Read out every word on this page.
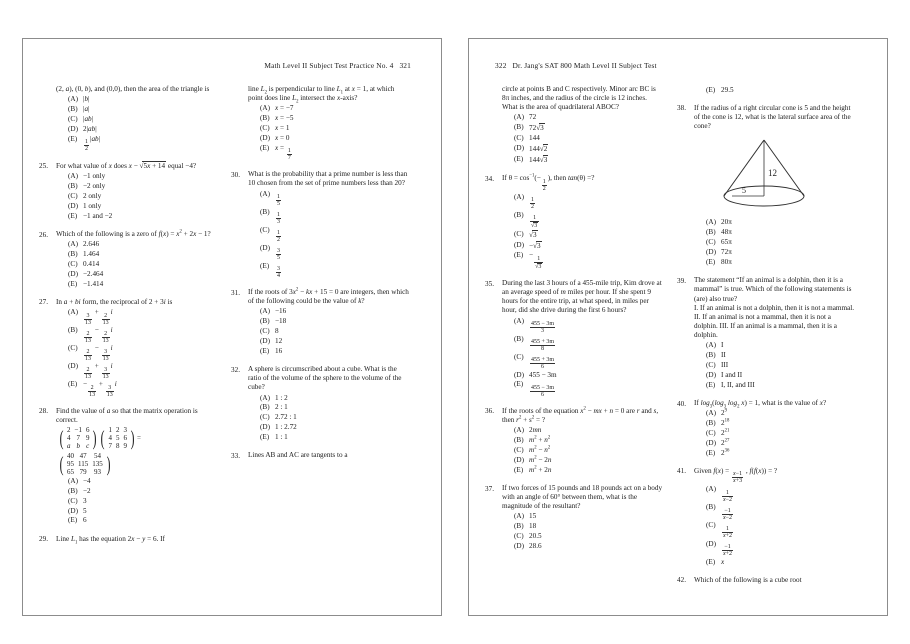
Math Level II Subject Test Practice No. 4 321
(2, a), (0, b), and (0,0), then the area of the triangle is
(A) |b|
(B) |a|
(C) |ab|
(D) 2|ab|
(E)
$\frac{1}{2}$
|ab|
25.	For what value of x does x − √5x + 14 equal −4?
(A) −1 only
(B) −2 only
(C) 2 only
(D) 1 only
(E) −1 and −2
26.	Which of the following is a zero of $f(x) = x^2 + 2x - 1$?
(A) 2.646
(B) 1.464
(C) 0.414
(D) −2.464
(E) −1.414
27.	In a + bi form, the reciprocal of 2 + 3i is
(A)
$\frac{3}{13}$
+
$\frac{2}{13}$
i
(B)
$\frac{2}{13}$
−
$\frac{2}{13}$
i
(C)
$\frac{2}{13}$
−
$\frac{3}{13}$
i
(D)
$\frac{2}{13}$
+
$\frac{3}{13}$
i
(E) −
$\frac{2}{13}$
+
$\frac{3}{13}$
i
28.	Find the value of a so that the matrix operation is correct.
( 2	−1	6
4	7	9
a	b	c ) ( 1	2	3
4	5	6
7	8	9 ) =
( 40	47	54
95	115	135
65	79	93 )
(A) −4
(B) −2
(C) 3
(D) 5
(E) 6
29.	Line $L_1$ has the equation 2x − y = 6. If
line $L_2$ is perpendicular to line $L_1$ at x = 1, at which point does line $L_2$ intersect the x-axis?
(A) x = −7
(B) x = −5
(C) x = 1
(D) x = 0
(E) x =
$\frac{1}{7}$
30.	What is the probability that a prime number is less than 10 chosen from the set of prime numbers less than 20?
(A)
$\frac{1}{5}$
(B)
$\frac{1}{3}$
(C)
$\frac{1}{2}$
(D)
$\frac{3}{5}$
(E)
$\frac{3}{4}$
31.	If the roots of $3x^2$ − kx + 15 = 0 are integers, then which of the following could be the value of k?
(A) −16
(B) −18
(C) 8
(D) 12
(E) 16
32.	A sphere is circumscribed about a cube. What is the ratio of the volume of the sphere to the volume of the cube?
(A) 1 : 2
(B) 2 : 1
(C) 2.72 : 1
(D) 1 : 2.72
(E) 1 : 1
33.	Lines AB and AC are tangents to a
322 Dr. Jang's SAT 800 Math Level II Subject Test
circle at points B and C respectively. Minor arc BC is 8π inches, and the radius of the circle is 12 inches. What is the area of quadrilateral ABOC?
(A) 72
(B) 72√3
(C) 144
(D) 144√2
(E) 144√3
34.	If $\theta = \cos^{-1}(-$
$\frac{1}{2}$
), then tan(θ) =?
(A)
$\frac{1}{2}$
(B)
$\frac{1}{√3}$
(C) √3
(D) −√3
(E) −
$\frac{1}{√3}$
35.	During the last 3 hours of a 455-mile trip, Kim drove at an average speed of m miles per hour. If she spent 9 hours for the entire trip, at what speed, in miles per hour, did she drive during the first 6 hours?
(A)
$\frac{455 - 3m}{3}$
(B)
$\frac{455 + 3m}{8}$
(C)
$\frac{455 + 3m}{6}$
(D) 455 − 3m
(E)
$\frac{455 - 3m}{6}$
36.	If the roots of the equation $x^2$ − mx + n = 0 are r and s, then $r^2 + s^2$ = ?
(A) 2mn
(B) $m^2 + n^2$
(C) $m^2 - n^2$
(D) $m^2 - 2n$
(E) $m^2 + 2n$
37.	If two forces of 15 pounds and 18 pounds act on a body with an angle of 60° between them, what is the magnitude of the resultant?
(A) 15
(B) 18
(C) 20.5
(D) 28.6
(E) 29.5
38.	If the radius of a right circular cone is 5 and the height of the cone is 12, what is the lateral surface area of the cone?
12
5
(A) 20π
(B) 48π
(C) 65π
(D) 72π
(E) 80π
39.	The statement “If an animal is a dolphin, then it is a mammal” is true. Which of the following statements is (are) also true?
I. If an animal is not a dolphin, then it is not a mammal.
II. If an animal is not a mammal, then it is not a dolphin. III. If an animal is a mammal, then it is a dolphin.
(A) I
(B) II
(C) III
(D) I and II
(E) I, II, and III
40.	If $\log_3(\log_3$ $\log_2 x) = 1$, what is the value of x?
(A) $2^9$
(B) $2^{18}$
(C) $2^{21}$
(D) $2^{27}$
(E) $2^{36}$
41.	Given f(x) =
$\frac{x-1}{x+3}$
, f(f(x)) = ?
(A)
$\frac{1}{x-2}$
(B)
$\frac{-1}{x-2}$
(C)
$\frac{1}{x+2}$
(D)
$\frac{-1}{x+2}$
(E) x
42.	Which of the following is a cube root
